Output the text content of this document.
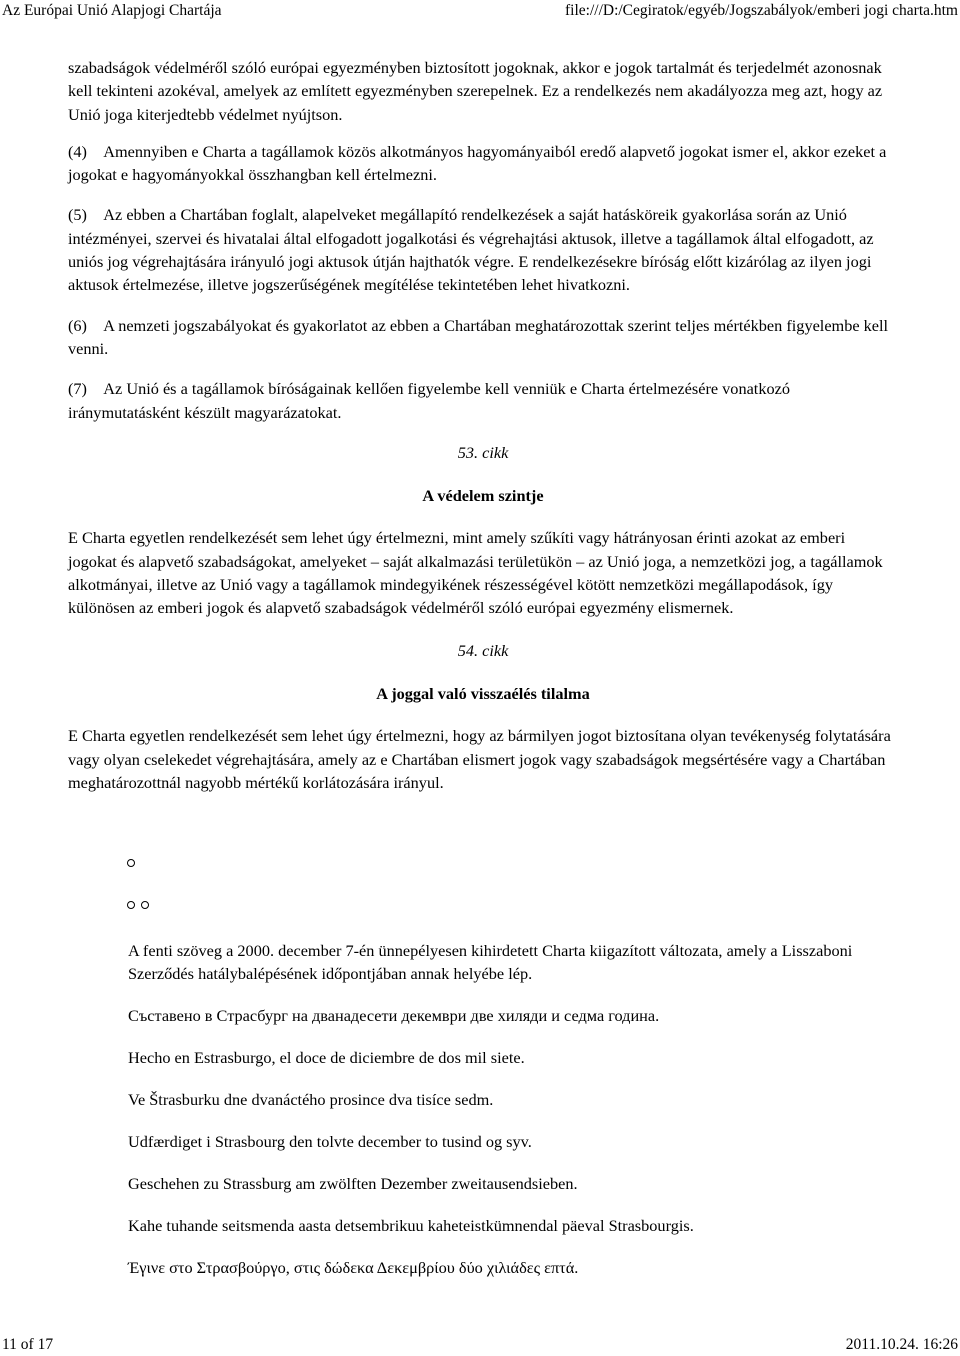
Az Európai Unió Alapjogi Chartája	file:///D:/Cegiratok/egyéb/Jogszabályok/emberi jogi charta.htm

szabadságok védelméről szóló európai egyezményben biztosított jogoknak, akkor e jogok tartalmát és terjedelmét azonosnak kell tekinteni azokéval, amelyek az említett egyezményben szerepelnek. Ez a rendelkezés nem akadályozza meg azt, hogy az Unió joga kiterjedtebb védelmet nyújtson.

(4) Amennyiben e Charta a tagállamok közös alkotmányos hagyományaiból eredő alapvető jogokat ismer el, akkor ezeket a jogokat e hagyományokkal összhangban kell értelmezni.

(5) Az ebben a Chartában foglalt, alapelveket megállapító rendelkezések a saját hatásköreik gyakorlása során az Unió intézményei, szervei és hivatalai által elfogadott jogalkotási és végrehajtási aktusok, illetve a tagállamok által elfogadott, az uniós jog végrehajtására irányuló jogi aktusok útján hajthatók végre. E rendelkezésekre bíróság előtt kizárólag az ilyen jogi aktusok értelmezése, illetve jogszerűségének megítélése tekintetében lehet hivatkozni.

(6) A nemzeti jogszabályokat és gyakorlatot az ebben a Chartában meghatározottak szerint teljes mértékben figyelembe kell venni.

(7) Az Unió és a tagállamok bíróságainak kellően figyelembe kell venniük e Charta értelmezésére vonatkozó iránymutatásként készült magyarázatokat.

53. cikk

A védelem szintje

E Charta egyetlen rendelkezését sem lehet úgy értelmezni, mint amely szűkíti vagy hátrányosan érinti azokat az emberi jogokat és alapvető szabadságokat, amelyeket – saját alkalmazási területükön – az Unió joga, a nemzetközi jog, a tagállamok alkotmányai, illetve az Unió vagy a tagállamok mindegyikének részességével kötött nemzetközi megállapodások, így különösen az emberi jogok és alapvető szabadságok védelméről szóló európai egyezmény elismernek.

54. cikk

A joggal való visszaélés tilalma

E Charta egyetlen rendelkezését sem lehet úgy értelmezni, hogy az bármilyen jogot biztosítana olyan tevékenység folytatására vagy olyan cselekedet végrehajtására, amely az e Chartában elismert jogok vagy szabadságok megsértésére vagy a Chartában meghatározottnál nagyobb mértékű korlátozására irányul.

A fenti szöveg a 2000. december 7-én ünnepélyesen kihirdetett Charta kiigazított változata, amely a Lisszaboni Szerződés hatálybalépésének időpontjában annak helyébe lép.

Съставено в Страсбург на дванадесети декември две хиляди и седма година.

Hecho en Estrasburgo, el doce de diciembre de dos mil siete.

Ve Štrasburku dne dvanáctého prosince dva tisíce sedm.

Udfærdiget i Strasbourg den tolvte december to tusind og syv.

Geschehen zu Strassburg am zwölften Dezember zweitausendsieben.

Kahe tuhande seitsmenda aasta detsembrikuu kaheteistkümnendal päeval Strasbourgis.

Έγινε στο Στρασβούργο, στις δώδεκα Δεκεμβρίου δύο χιλιάδες επτά.

11 of 17	2011.10.24. 16:26
